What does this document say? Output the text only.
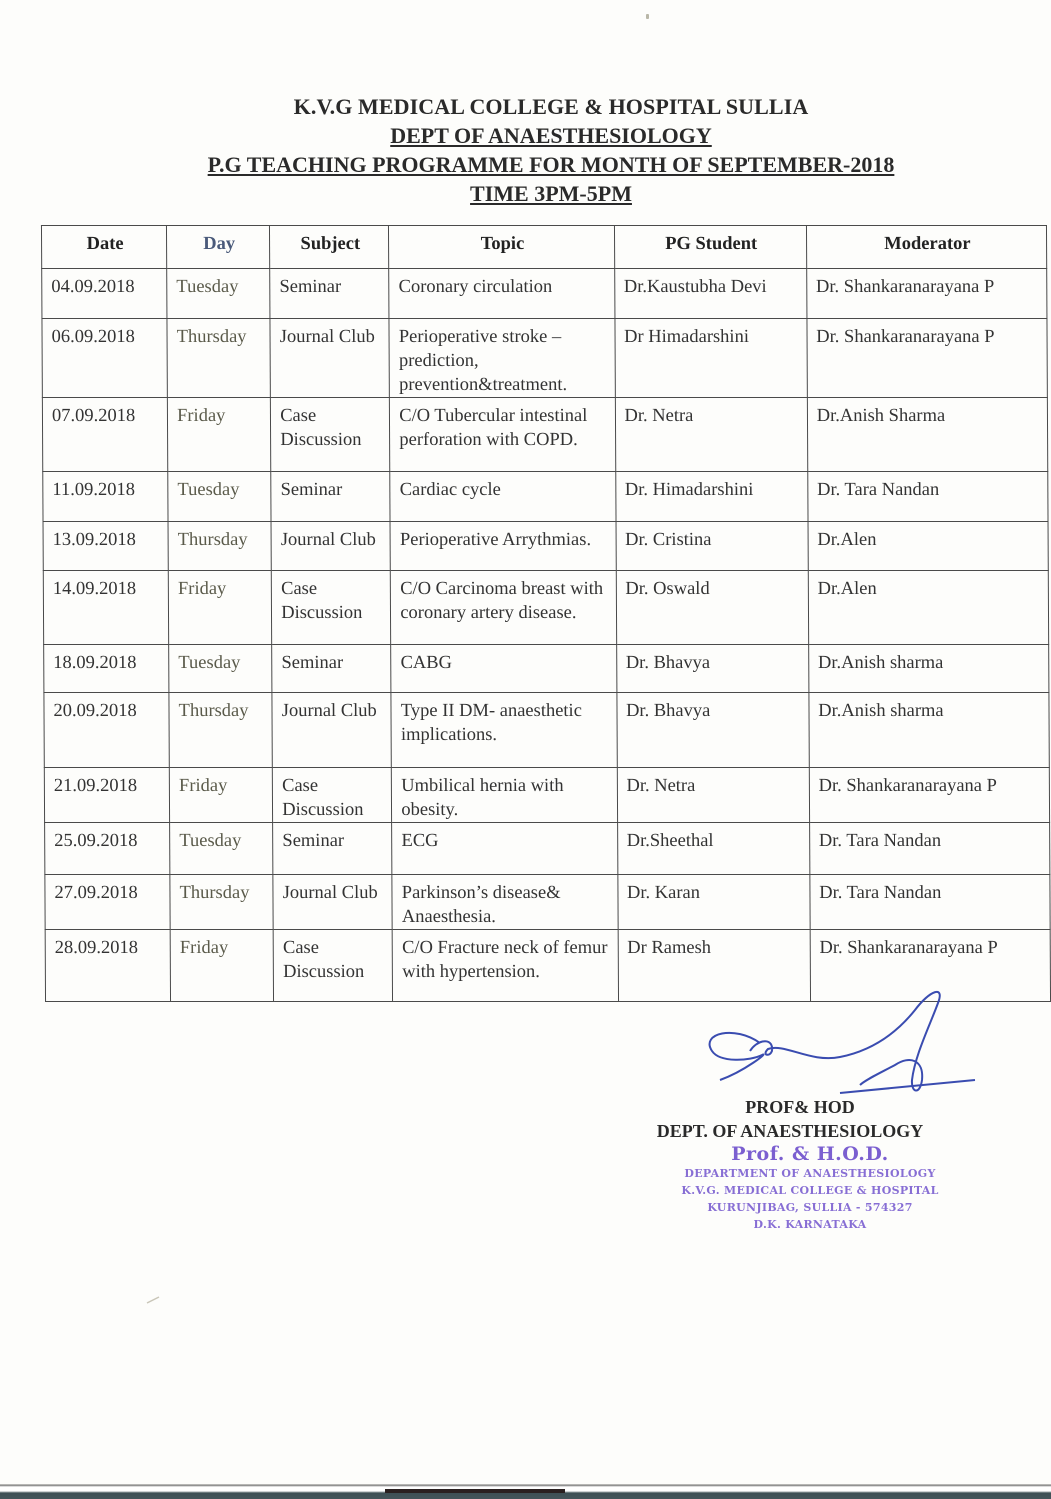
K.V.G MEDICAL COLLEGE & HOSPITAL SULLIA
DEPT OF ANAESTHESIOLOGY
P.G TEACHING PROGRAMME FOR MONTH OF SEPTEMBER-2018
TIME 3PM-5PM
Date	Day	Subject	Topic	PG Student	Moderator
04.09.2018	Tuesday	Seminar	Coronary circulation	Dr.Kaustubha Devi	Dr. Shankaranarayana P
06.09.2018	Thursday	Journal Club	Perioperative stroke – prediction, prevention&treatment.	Dr Himadarshini	Dr. Shankaranarayana P
07.09.2018	Friday	Case Discussion	C/O Tubercular intestinal perforation with COPD.	Dr. Netra	Dr.Anish Sharma
11.09.2018	Tuesday	Seminar	Cardiac cycle	Dr. Himadarshini	Dr. Tara Nandan
13.09.2018	Thursday	Journal Club	Perioperative Arrythmias.	Dr. Cristina	Dr.Alen
14.09.2018	Friday	Case Discussion	C/O Carcinoma breast with coronary artery disease.	Dr. Oswald	Dr.Alen
18.09.2018	Tuesday	Seminar	CABG	Dr. Bhavya	Dr.Anish sharma
20.09.2018	Thursday	Journal Club	Type II DM- anaesthetic implications.	Dr. Bhavya	Dr.Anish sharma
21.09.2018	Friday	Case Discussion	Umbilical hernia with obesity.	Dr. Netra	Dr. Shankaranarayana P
25.09.2018	Tuesday	Seminar	ECG	Dr.Sheethal	Dr. Tara Nandan
27.09.2018	Thursday	Journal Club	Parkinson’s disease& Anaesthesia.	Dr. Karan	Dr. Tara Nandan
28.09.2018	Friday	Case Discussion	C/O Fracture neck of femur with hypertension.	Dr Ramesh	Dr. Shankaranarayana P
PROF& HOD
DEPT. OF ANAESTHESIOLOGY
Prof. & H.O.D.
DEPARTMENT OF ANAESTHESIOLOGY
K.V.G. MEDICAL COLLEGE & HOSPITAL
KURUNJIBAG, SULLIA - 574327
D.K. KARNATAKA
